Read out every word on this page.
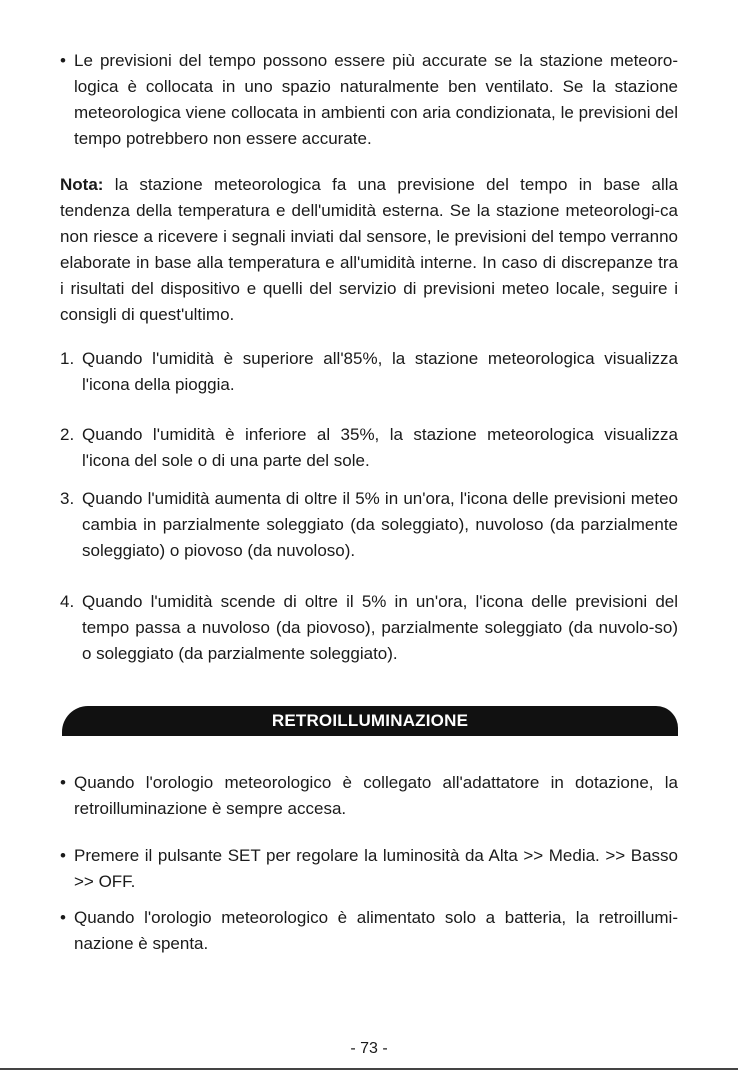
• Le previsioni del tempo possono essere più accurate se la stazione meteoro-logica è collocata in uno spazio naturalmente ben ventilato. Se la stazione meteorologica viene collocata in ambienti con aria condizionata, le previsioni del tempo potrebbero non essere accurate.
Nota: la stazione meteorologica fa una previsione del tempo in base alla tendenza della temperatura e dell'umidità esterna. Se la stazione meteorologi-ca non riesce a ricevere i segnali inviati dal sensore, le previsioni del tempo verranno elaborate in base alla temperatura e all'umidità interne. In caso di discrepanze tra i risultati del dispositivo e quelli del servizio di previsioni meteo locale, seguire i consigli di quest'ultimo.
1. Quando l'umidità è superiore all'85%, la stazione meteorologica visualizza l'icona della pioggia.
2. Quando l'umidità è inferiore al 35%, la stazione meteorologica visualizza l'icona del sole o di una parte del sole.
3. Quando l'umidità aumenta di oltre il 5% in un'ora, l'icona delle previsioni meteo cambia in parzialmente soleggiato (da soleggiato), nuvoloso (da parzialmente soleggiato) o piovoso (da nuvoloso).
4. Quando l'umidità scende di oltre il 5% in un'ora, l'icona delle previsioni del tempo passa a nuvoloso (da piovoso), parzialmente soleggiato (da nuvolo-so) o soleggiato (da parzialmente soleggiato).
RETROILLUMINAZIONE
• Quando l'orologio meteorologico è collegato all'adattatore in dotazione, la retroilluminazione è sempre accesa.
• Premere il pulsante SET per regolare la luminosità da Alta >> Media. >> Basso >> OFF.
• Quando l'orologio meteorologico è alimentato solo a batteria, la retroillumi-nazione è spenta.
- 73 -
